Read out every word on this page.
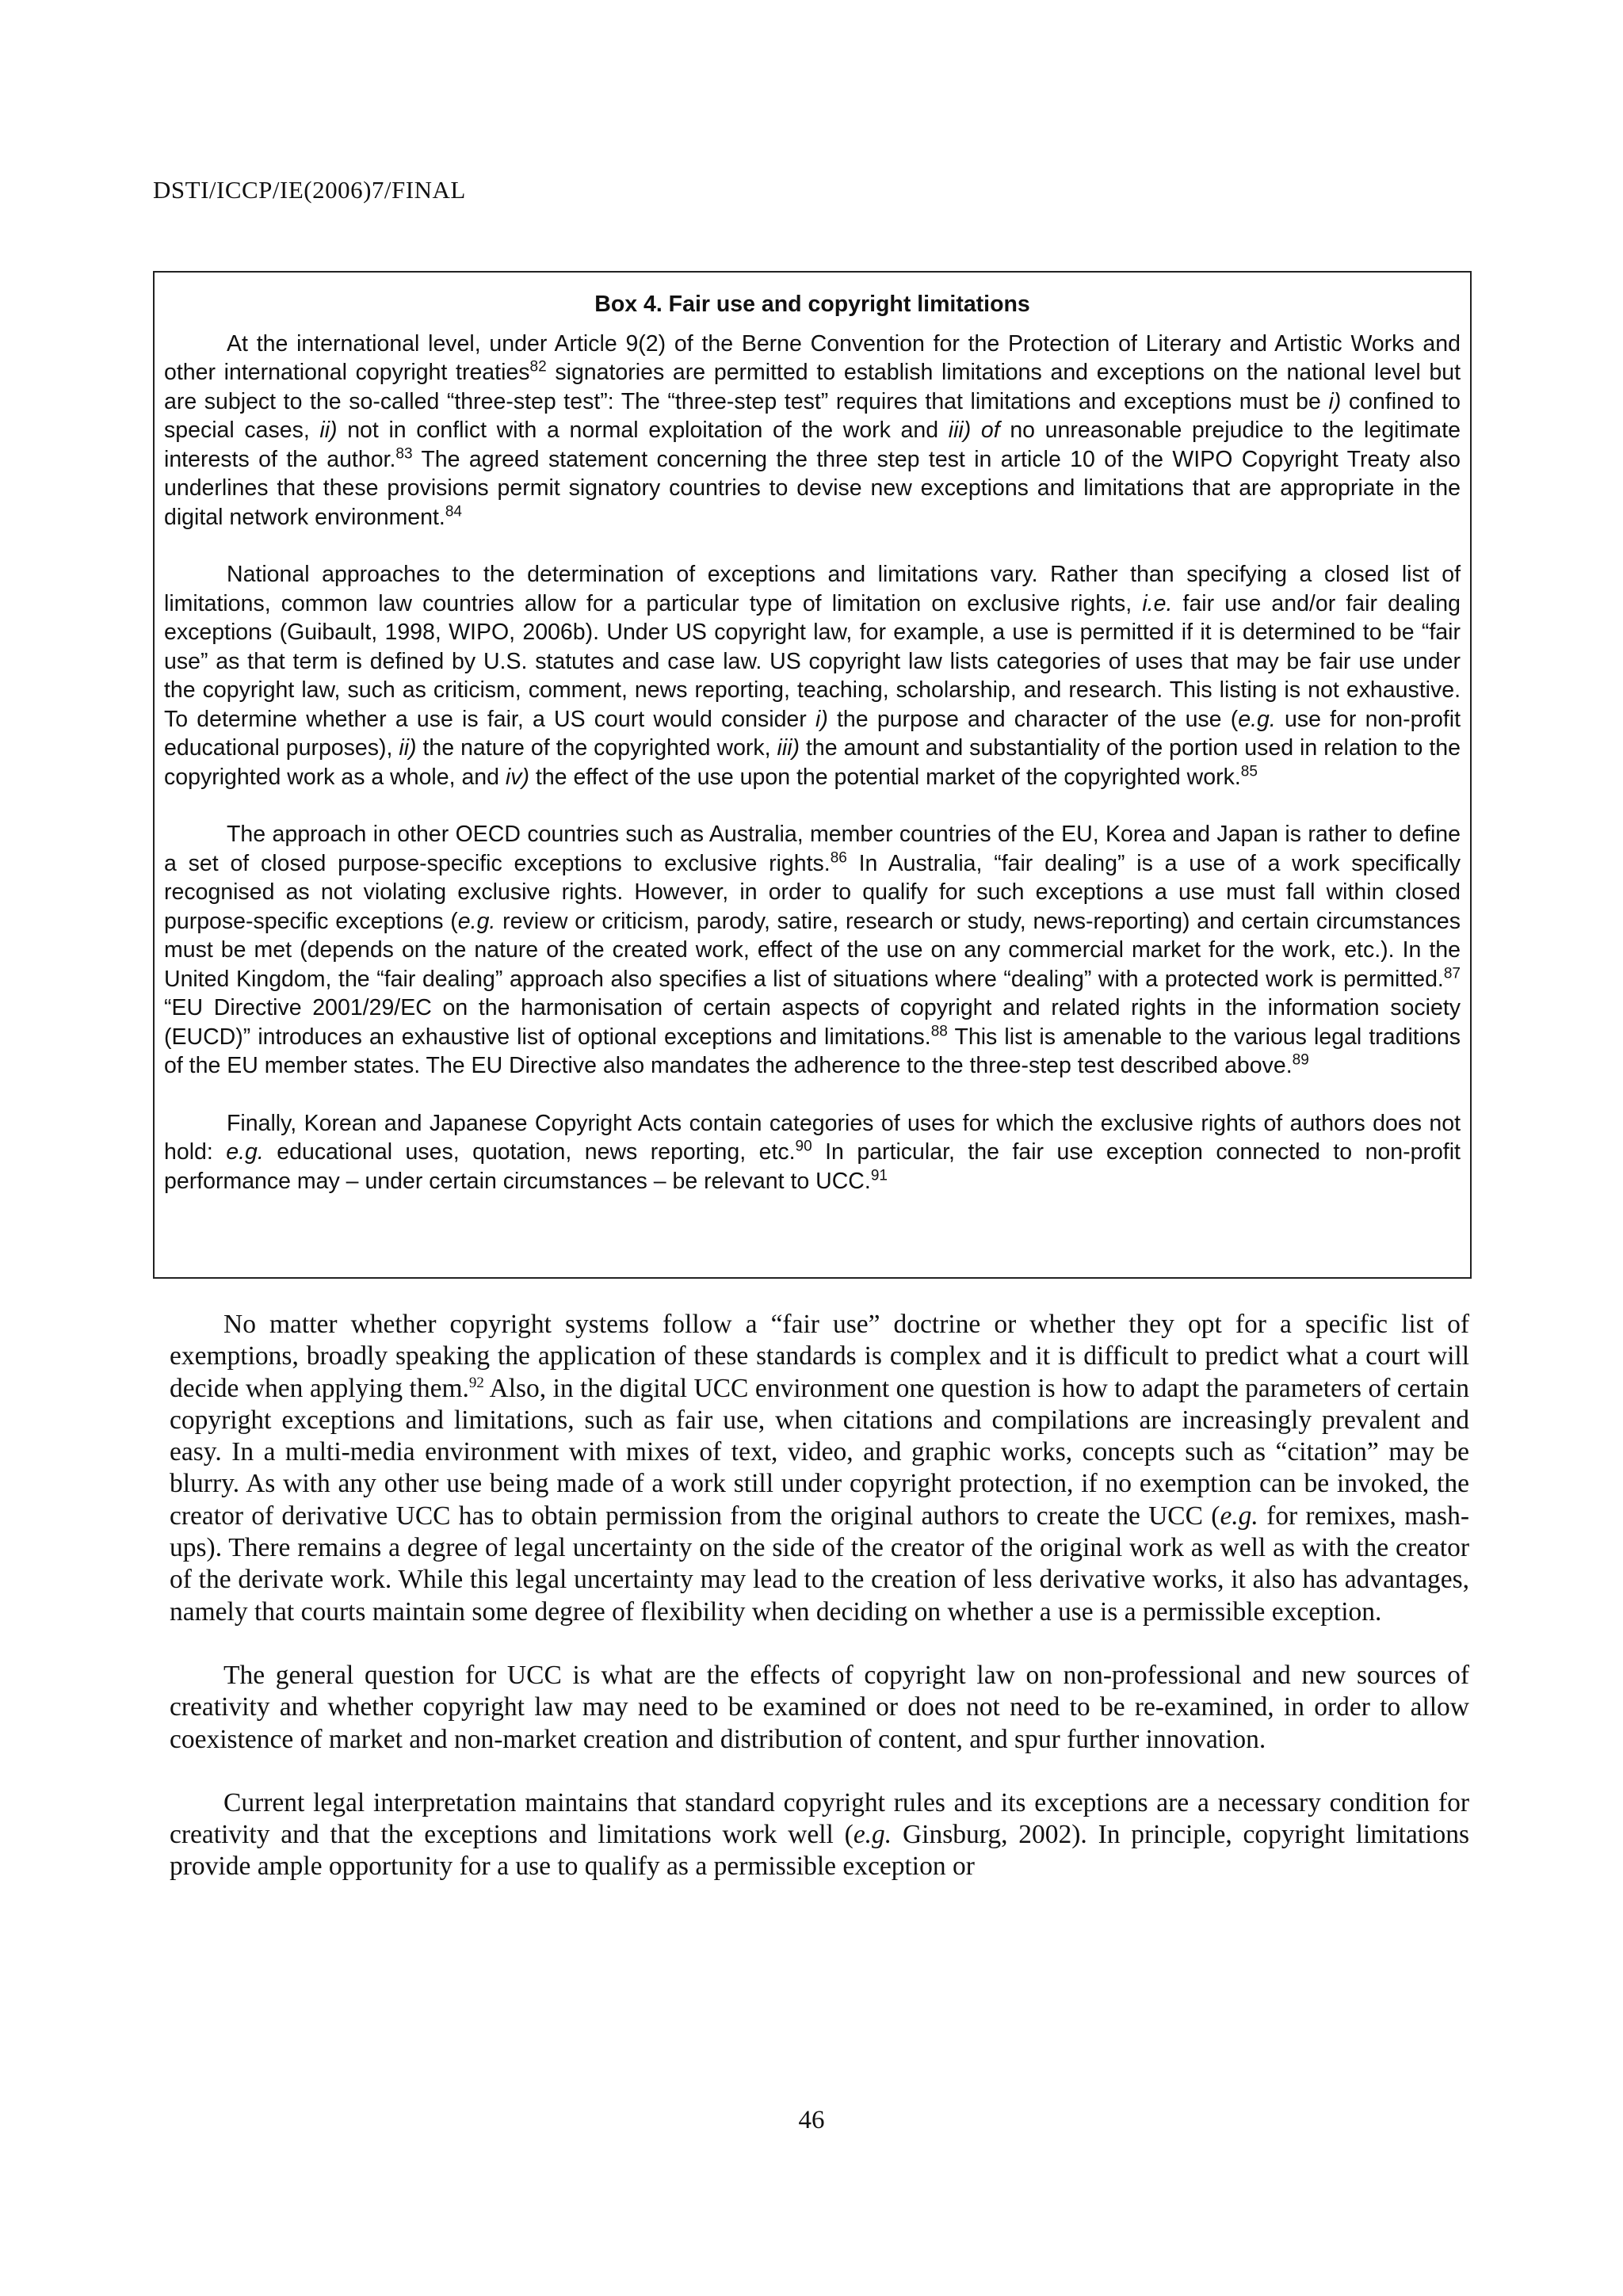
DSTI/ICCP/IE(2006)7/FINAL
Box 4. Fair use and copyright limitations

At the international level, under Article 9(2) of the Berne Convention for the Protection of Literary and Artistic Works and other international copyright treaties$^{82}$ signatories are permitted to establish limitations and exceptions on the national level but are subject to the so-called “three-step test”: The “three-step test” requires that limitations and exceptions must be i) confined to special cases, ii) not in conflict with a normal exploitation of the work and iii) of no unreasonable prejudice to the legitimate interests of the author.$^{83}$ The agreed statement concerning the three step test in article 10 of the WIPO Copyright Treaty also underlines that these provisions permit signatory countries to devise new exceptions and limitations that are appropriate in the digital network environment.$^{84}$

National approaches to the determination of exceptions and limitations vary. Rather than specifying a closed list of limitations, common law countries allow for a particular type of limitation on exclusive rights, i.e. fair use and/or fair dealing exceptions (Guibault, 1998, WIPO, 2006b). Under US copyright law, for example, a use is permitted if it is determined to be “fair use” as that term is defined by U.S. statutes and case law. US copyright law lists categories of uses that may be fair use under the copyright law, such as criticism, comment, news reporting, teaching, scholarship, and research. This listing is not exhaustive. To determine whether a use is fair, a US court would consider i) the purpose and character of the use (e.g. use for non-profit educational purposes), ii) the nature of the copyrighted work, iii) the amount and substantiality of the portion used in relation to the copyrighted work as a whole, and iv) the effect of the use upon the potential market of the copyrighted work.$^{85}$

The approach in other OECD countries such as Australia, member countries of the EU, Korea and Japan is rather to define a set of closed purpose-specific exceptions to exclusive rights.$^{86}$ In Australia, “fair dealing” is a use of a work specifically recognised as not violating exclusive rights. However, in order to qualify for such exceptions a use must fall within closed purpose-specific exceptions (e.g. review or criticism, parody, satire, research or study, news-reporting) and certain circumstances must be met (depends on the nature of the created work, effect of the use on any commercial market for the work, etc.). In the United Kingdom, the “fair dealing” approach also specifies a list of situations where “dealing” with a protected work is permitted.$^{87}$ “EU Directive 2001/29/EC on the harmonisation of certain aspects of copyright and related rights in the information society (EUCD)” introduces an exhaustive list of optional exceptions and limitations.$^{88}$ This list is amenable to the various legal traditions of the EU member states. The EU Directive also mandates the adherence to the three-step test described above.$^{89}$

Finally, Korean and Japanese Copyright Acts contain categories of uses for which the exclusive rights of authors does not hold: e.g. educational uses, quotation, news reporting, etc.$^{90}$ In particular, the fair use exception connected to non-profit performance may – under certain circumstances – be relevant to UCC.$^{91}$

No matter whether copyright systems follow a “fair use” doctrine or whether they opt for a specific list of exemptions, broadly speaking the application of these standards is complex and it is difficult to predict what a court will decide when applying them.$^{92}$ Also, in the digital UCC environment one question is how to adapt the parameters of certain copyright exceptions and limitations, such as fair use, when citations and compilations are increasingly prevalent and easy. In a multi-media environment with mixes of text, video, and graphic works, concepts such as “citation” may be blurry. As with any other use being made of a work still under copyright protection, if no exemption can be invoked, the creator of derivative UCC has to obtain permission from the original authors to create the UCC (e.g. for remixes, mash-ups). There remains a degree of legal uncertainty on the side of the creator of the original work as well as with the creator of the derivate work. While this legal uncertainty may lead to the creation of less derivative works, it also has advantages, namely that courts maintain some degree of flexibility when deciding on whether a use is a permissible exception.

The general question for UCC is what are the effects of copyright law on non-professional and new sources of creativity and whether copyright law may need to be examined or does not need to be re-examined, in order to allow coexistence of market and non-market creation and distribution of content, and spur further innovation.

Current legal interpretation maintains that standard copyright rules and its exceptions are a necessary condition for creativity and that the exceptions and limitations work well (e.g. Ginsburg, 2002). In principle, copyright limitations provide ample opportunity for a use to qualify as a permissible exception or

46
